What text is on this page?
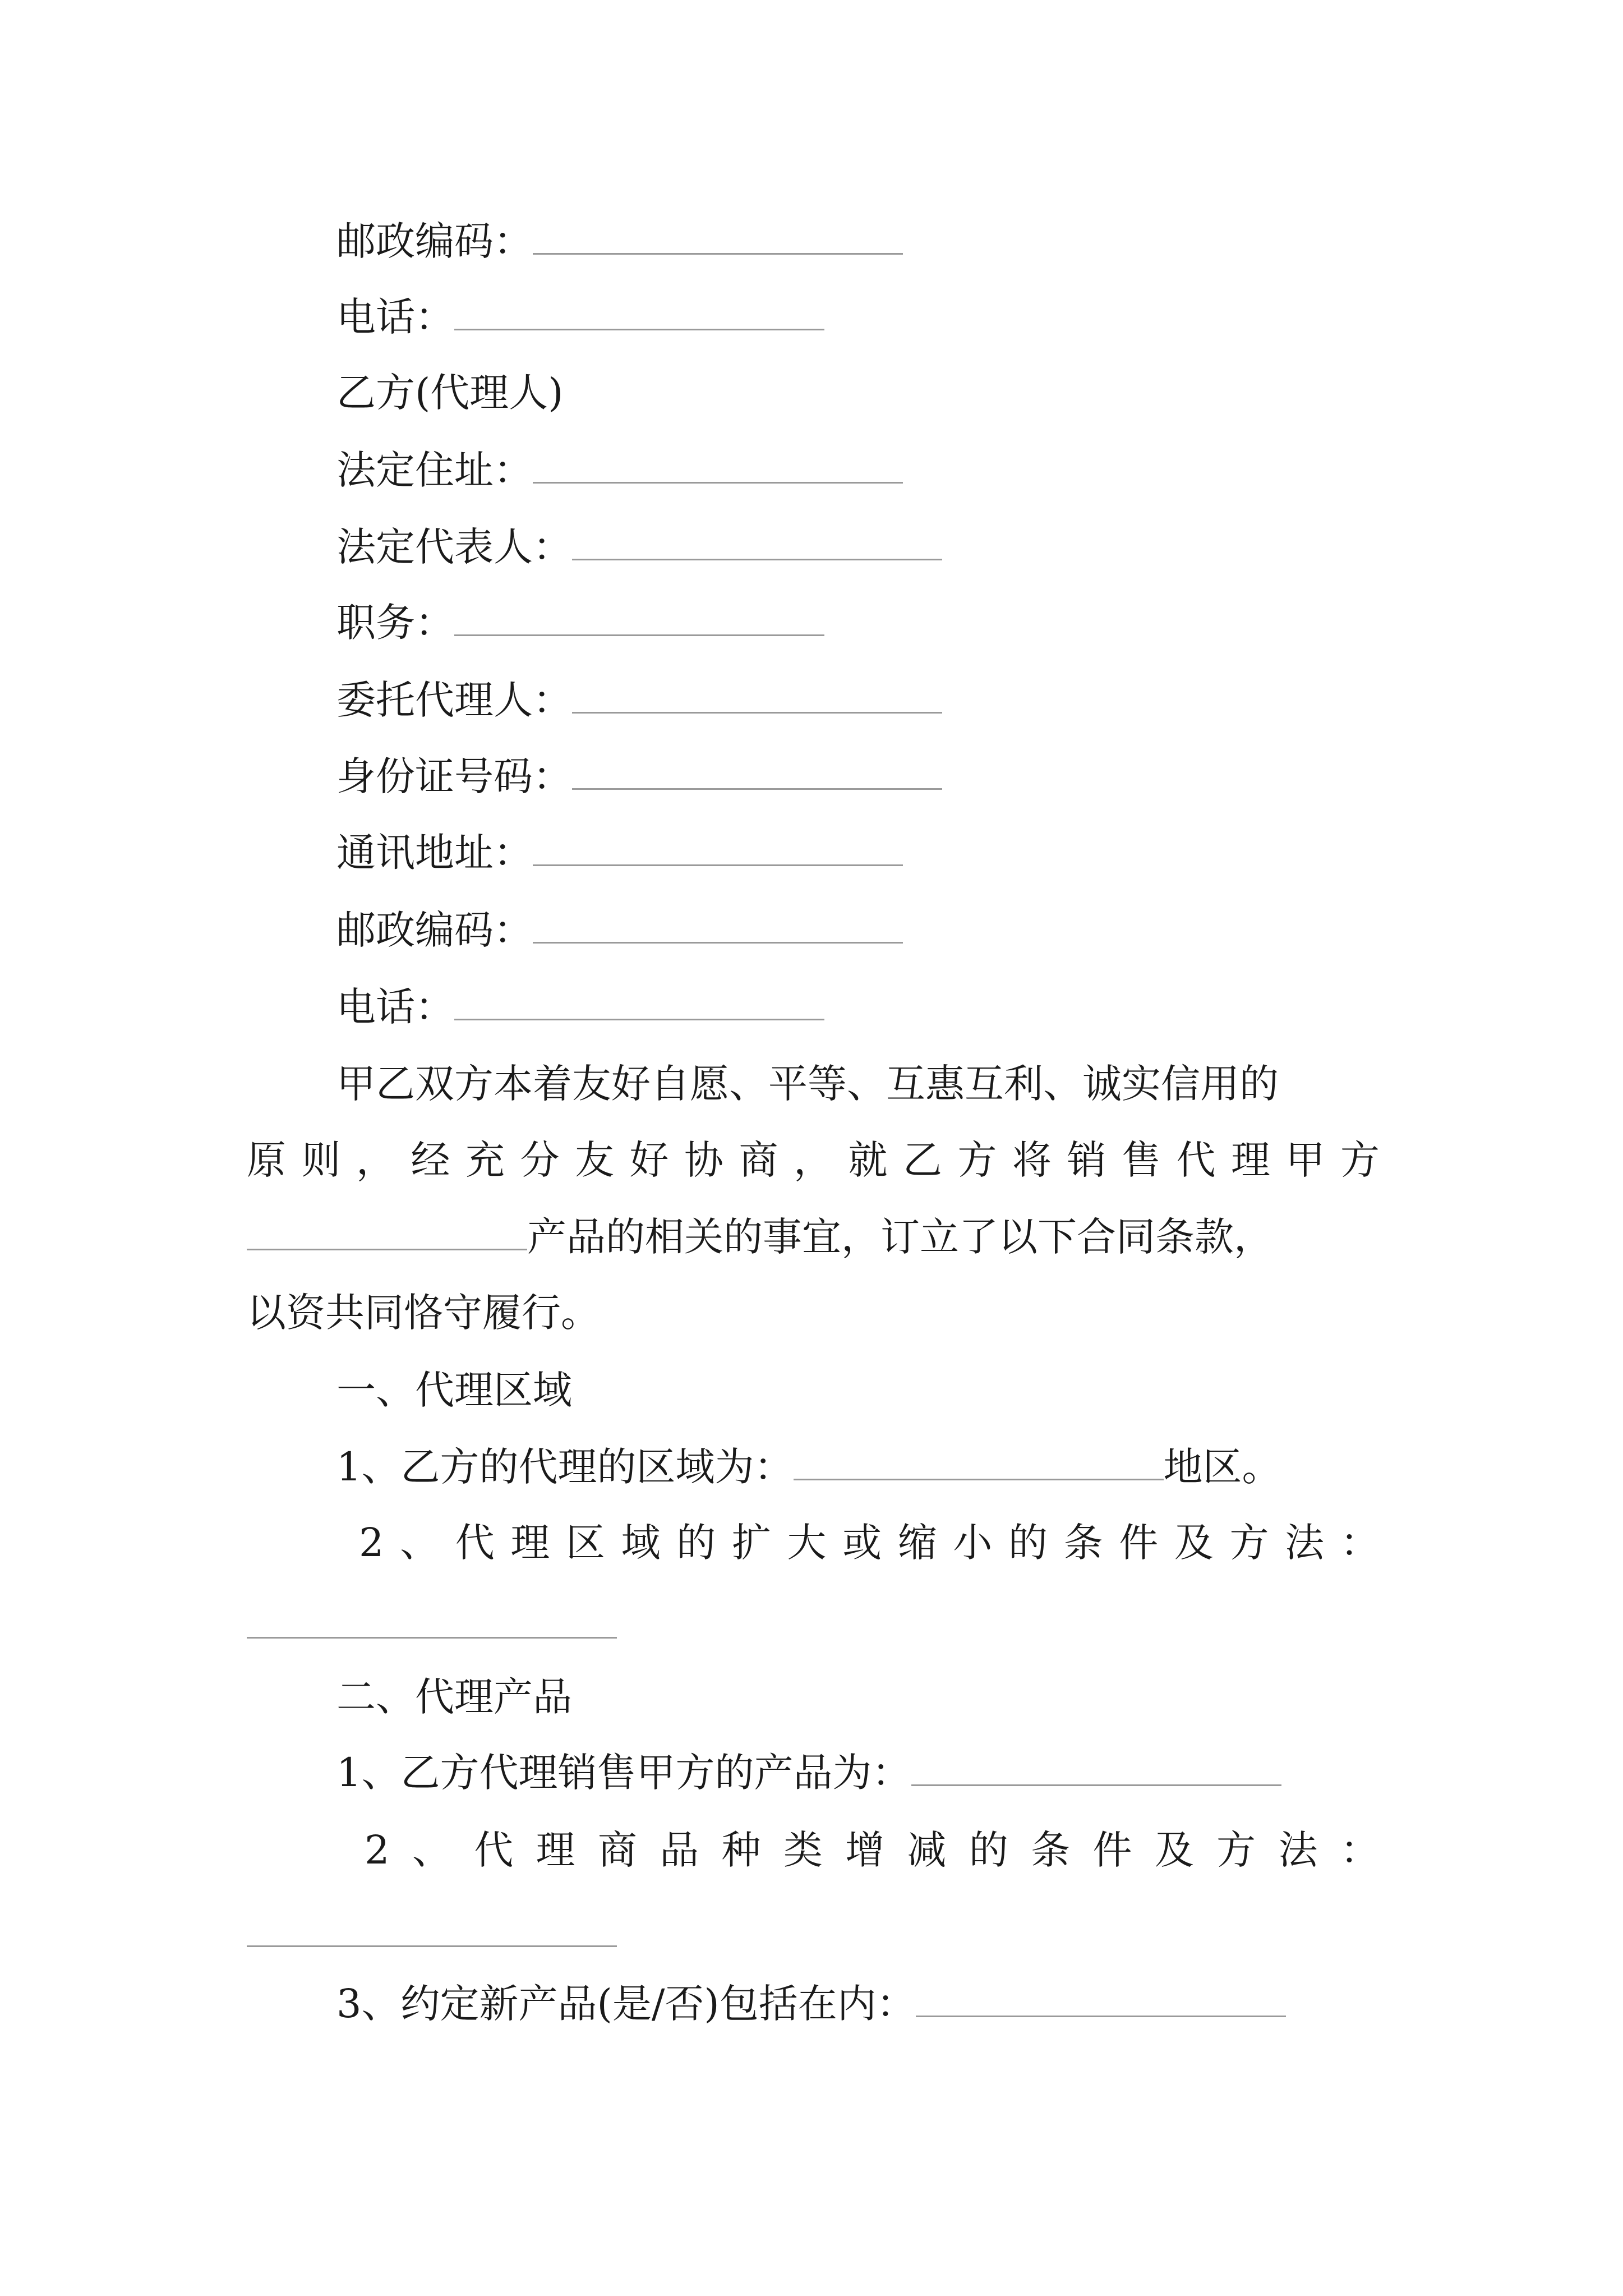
邮政编码：
电话：
乙方(代理人)
法定住址：
法定代表人：
职务：
委托代理人：
身份证号码：
通讯地址：
邮政编码：
电话：
甲乙双方本着友好自愿、平等、互惠互利、诚实信用的
原 则 ， 经 充 分 友 好 协 商 ， 就 乙 方 将 销 售 代 理 甲 方
产品的相关的事宜，订立了以下合同条款，
以资共同恪守履行。
一、代理区域
1、乙方的代理的区域为：	地区。
2 、 代 理 区 域 的 扩 大 或 缩 小 的 条 件 及 方 法 ：
二、代理产品
1、乙方代理销售甲方的产品为：
2 、 代 理 商 品 种 类 增 减 的 条 件 及 方 法 ：
3、约定新产品(是/否)包括在内：
